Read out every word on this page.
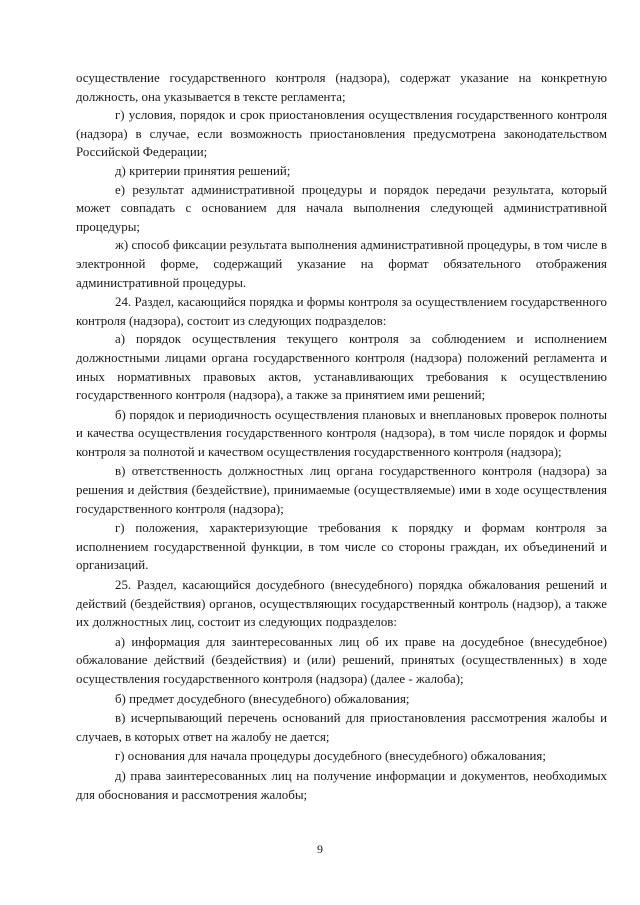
осуществление государственного контроля (надзора), содержат указание на конкретную должность, она указывается в тексте регламента;

г) условия, порядок и срок приостановления осуществления государственного контроля (надзора) в случае, если возможность приостановления предусмотрена законодательством Российской Федерации;

д) критерии принятия решений;

е) результат административной процедуры и порядок передачи результата, который может совпадать с основанием для начала выполнения следующей административной процедуры;

ж) способ фиксации результата выполнения административной процедуры, в том числе в электронной форме, содержащий указание на формат обязательного отображения административной процедуры.

24. Раздел, касающийся порядка и формы контроля за осуществлением государственного контроля (надзора), состоит из следующих подразделов:

а) порядок осуществления текущего контроля за соблюдением и исполнением должностными лицами органа государственного контроля (надзора) положений регламента и иных нормативных правовых актов, устанавливающих требования к осуществлению государственного контроля (надзора), а также за принятием ими решений;

б) порядок и периодичность осуществления плановых и внеплановых проверок полноты и качества осуществления государственного контроля (надзора), в том числе порядок и формы контроля за полнотой и качеством осуществления государственного контроля (надзора);

в) ответственность должностных лиц органа государственного контроля (надзора) за решения и действия (бездействие), принимаемые (осуществляемые) ими в ходе осуществления государственного контроля (надзора);

г) положения, характеризующие требования к порядку и формам контроля за исполнением государственной функции, в том числе со стороны граждан, их объединений и организаций.

25. Раздел, касающийся досудебного (внесудебного) порядка обжалования решений и действий (бездействия) органов, осуществляющих государственный контроль (надзор), а также их должностных лиц, состоит из следующих подразделов:

а) информация для заинтересованных лиц об их праве на досудебное (внесудебное) обжалование действий (бездействия) и (или) решений, принятых (осуществленных) в ходе осуществления государственного контроля (надзора) (далее - жалоба);

б) предмет досудебного (внесудебного) обжалования;

в) исчерпывающий перечень оснований для приостановления рассмотрения жалобы и случаев, в которых ответ на жалобу не дается;

г) основания для начала процедуры досудебного (внесудебного) обжалования;

д) права заинтересованных лиц на получение информации и документов, необходимых для обоснования и рассмотрения жалобы;

9
